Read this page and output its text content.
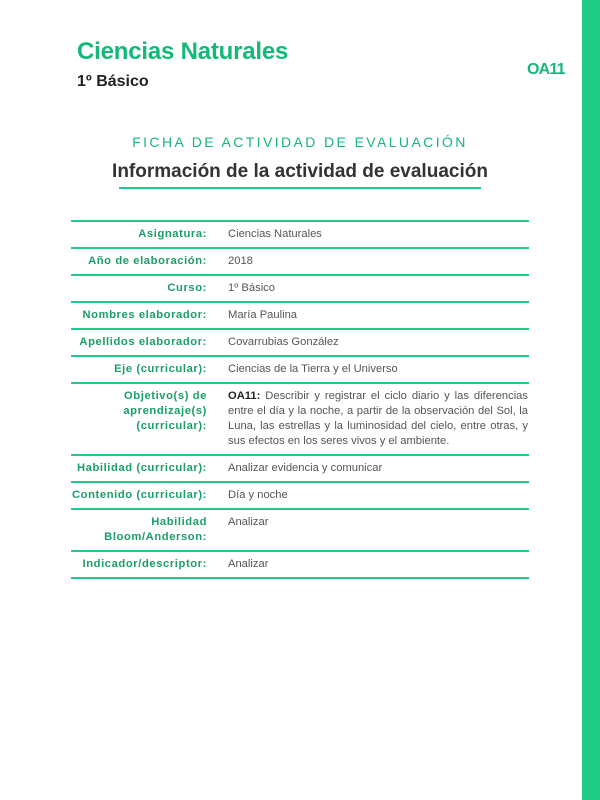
Ciencias Naturales
1º Básico
OA11
FICHA DE ACTIVIDAD DE EVALUACIÓN
Información de la actividad de evaluación
Asignatura:	Ciencias Naturales
Año de elaboración:	2018
Curso:	1º Básico
Nombres elaborador:	María Paulina
Apellidos elaborador:	Covarrubias González
Eje (curricular):	Ciencias de la Tierra y el Universo
Objetivo(s) de aprendizaje(s) (curricular):	OA11: Describir y registrar el ciclo diario y las diferencias entre el día y la noche, a partir de la observación del Sol, la Luna, las estrellas y la luminosidad del cielo, entre otras, y sus efectos en los seres vivos y el ambiente.
Habilidad (curricular):	Analizar evidencia y comunicar
Contenido (curricular):	Día y noche
Habilidad Bloom/Anderson:	Analizar
Indicador/descriptor:	Analizar
